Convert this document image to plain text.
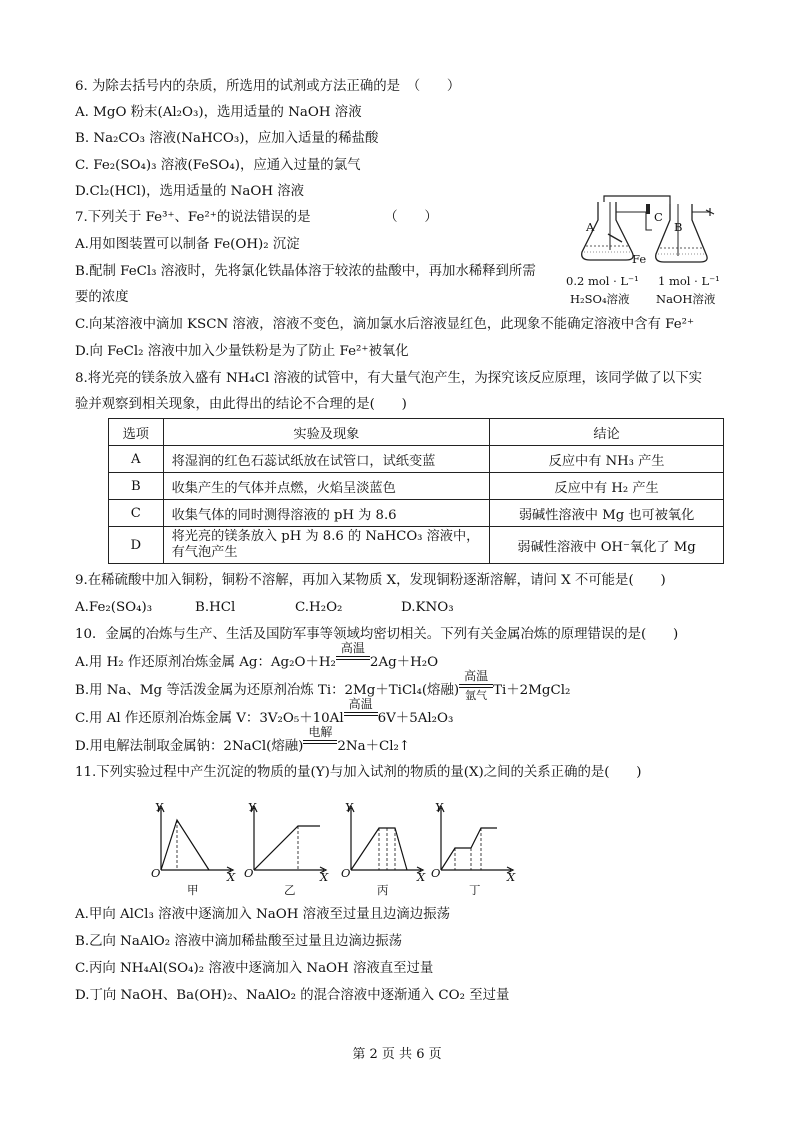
6. 为除去括号内的杂质，所选用的试剂或方法正确的是　（　　）
A. MgO 粉末(Al₂O₃)，选用适量的 NaOH 溶液
B. Na₂CO₃ 溶液(NaHCO₃)，应加入适量的稀盐酸
C. Fe₂(SO₄)₃ 溶液(FeSO₄)，应通入过量的氯气
D.Cl₂(HCl)，选用适量的 NaOH 溶液
7.下列关于 Fe³⁺、Fe²⁺的说法错误的是　　　　　　（　　）
A.用如图装置可以制备 Fe(OH)₂ 沉淀
B.配制 FeCl₃ 溶液时，先将氯化铁晶体溶于较浓的盐酸中，再加水稀释到所需
要的浓度
C.向某溶液中滴加 KSCN 溶液，溶液不变色，滴加氯水后溶液显红色，此现象不能确定溶液中含有 Fe²⁺
D.向 FeCl₂ 溶液中加入少量铁粉是为了防止 Fe²⁺被氧化
A	B
C
Fe
0.2 mol · L⁻¹
H₂SO₄溶液
1 mol · L⁻¹
NaOH溶液
8.将光亮的镁条放入盛有 NH₄Cl 溶液的试管中，有大量气泡产生，为探究该反应原理，该同学做了以下实
验并观察到相关现象，由此得出的结论不合理的是(　　)
选项	实验及现象	结论
A	将湿润的红色石蕊试纸放在试管口，试纸变蓝	反应中有 NH₃ 产生
B	收集产生的气体并点燃，火焰呈淡蓝色	反应中有 H₂ 产生
C	收集气体的同时测得溶液的 pH 为 8.6	弱碱性溶液中 Mg 也可被氧化
D	将光亮的镁条放入 pH 为 8.6 的 NaHCO₃ 溶液中，有气泡产生	弱碱性溶液中 OH⁻氧化了 Mg
9.在稀硫酸中加入铜粉，铜粉不溶解，再加入某物质 X，发现铜粉逐渐溶解，请问 X 不可能是(　　)
A.Fe₂(SO₄)₃	B.HCl	C.H₂O₂	D.KNO₃
10．金属的冶炼与生产、生活及国防军事等领域均密切相关。下列有关金属冶炼的原理错误的是(　　)
A.用 H₂ 作还原剂冶炼金属 Ag：Ag₂O＋H₂
高温
2Ag＋H₂O
B.用 Na、Mg 等活泼金属为还原剂冶炼 Ti：2Mg＋TiCl₄(熔融)
高温
氩气 Ti＋2MgCl₂
C.用 Al 作还原剂冶炼金属 V：3V₂O₅＋10Al
高温
6V＋5Al₂O₃
D.用电解法制取金属钠：2NaCl(熔融)
电解
2Na＋Cl₂↑
11.下列实验过程中产生沉淀的物质的量(Y)与加入试剂的物质的量(X)之间的关系正确的是(　　)
Y
O	X
甲
Y
O	X
乙
Y
O	X
丙
Y
O	X
丁
A.甲向 AlCl₃ 溶液中逐滴加入 NaOH 溶液至过量且边滴边振荡
B.乙向 NaAlO₂ 溶液中滴加稀盐酸至过量且边滴边振荡
C.丙向 NH₄Al(SO₄)₂ 溶液中逐滴加入 NaOH 溶液直至过量
D.丁向 NaOH、Ba(OH)₂、NaAlO₂ 的混合溶液中逐渐通入 CO₂ 至过量
第 2 页 共 6 页
